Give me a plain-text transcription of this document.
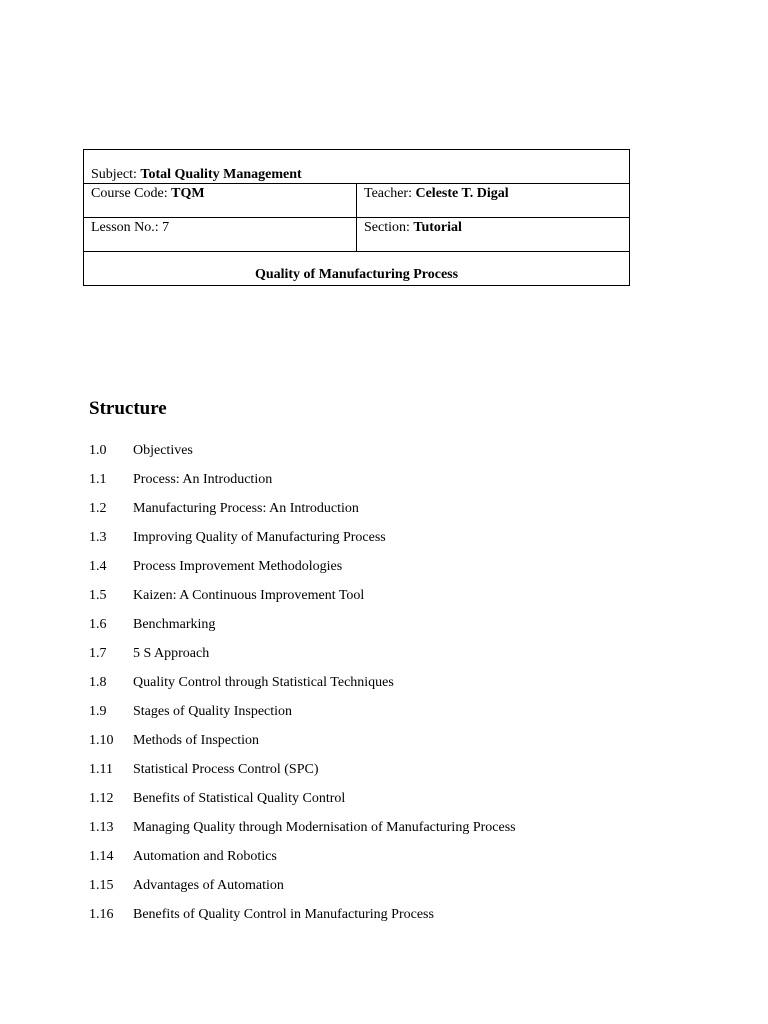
Subject: Total Quality Management	
Course Code: TQM	Teacher: Celeste T. Digal
Lesson No.: 7	Section: Tutorial
Quality of Manufacturing Process	
Structure
1.0 Objectives
1.1 Process: An Introduction
1.2 Manufacturing Process: An Introduction
1.3 Improving Quality of Manufacturing Process
1.4 Process Improvement Methodologies
1.5 Kaizen: A Continuous Improvement Tool
1.6 Benchmarking
1.7 5 S Approach
1.8 Quality Control through Statistical Techniques
1.9 Stages of Quality Inspection
1.10 Methods of Inspection
1.11 Statistical Process Control (SPC)
1.12 Benefits of Statistical Quality Control
1.13 Managing Quality through Modernisation of Manufacturing Process
1.14 Automation and Robotics
1.15 Advantages of Automation
1.16 Benefits of Quality Control in Manufacturing Process
